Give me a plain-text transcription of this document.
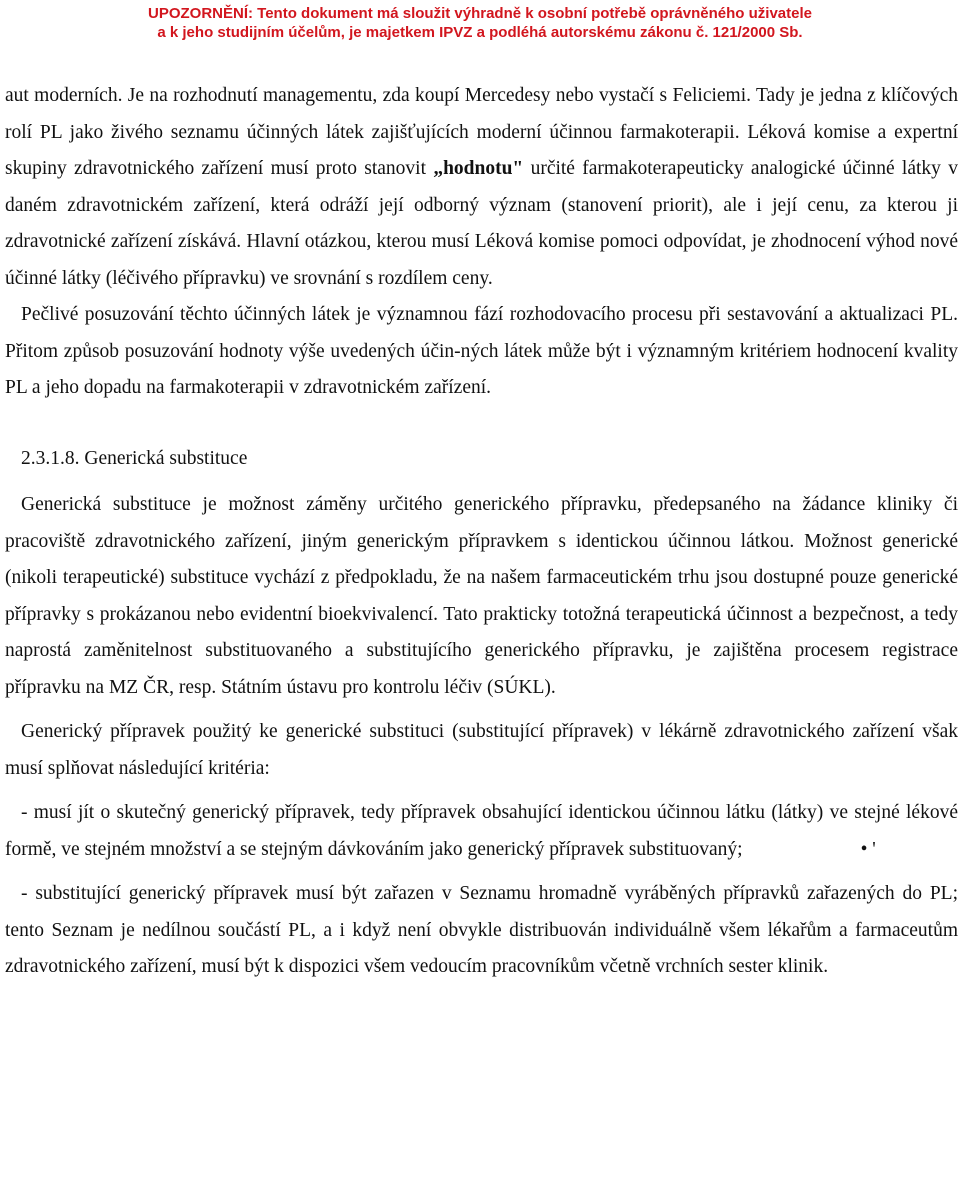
UPOZORNĚNÍ: Tento dokument má sloužit výhradně k osobní potřebě oprávněného uživatele
a k jeho studijním účelům, je majetkem IPVZ a podléhá autorskému zákonu č. 121/2000 Sb.

aut moderních. Je na rozhodnutí managementu, zda koupí Mercedesy nebo vystačí s Feliciemi. Tady je jedna z klíčových rolí PL jako živého seznamu účinných látek zajišťujících moderní účinnou farmakoterapii. Léková komise a expertní skupiny zdravotnického zařízení musí proto stanovit „hodnotu" určité farmakoterapeuticky analogické účinné látky v daném zdravotnickém zařízení, která odráží její odborný význam (stanovení priorit), ale i její cenu, za kterou ji zdravotnické zařízení získává. Hlavní otázkou, kterou musí Léková komise pomoci odpovídat, je zhodnocení výhod nové účinné látky (léčivého přípravku) ve srovnání s rozdílem ceny.

Pečlivé posuzování těchto účinných látek je významnou fází rozhodovacího procesu při sestavování a aktualizaci PL. Přitom způsob posuzování hodnoty výše uvedených účin-ných látek může být i významným kritériem hodnocení kvality PL a jeho dopadu na farmakoterapii v zdravotnickém zařízení.

2.3.1.8. Generická substituce

Generická substituce je možnost záměny určitého generického přípravku, předepsaného na žádance kliniky či pracoviště zdravotnického zařízení, jiným generickým přípravkem s identickou účinnou látkou. Možnost generické (nikoli terapeutické) substituce vychází z předpokladu, že na našem farmaceutickém trhu jsou dostupné pouze generické přípravky s prokázanou nebo evidentní bioekvivalencí. Tato prakticky totožná terapeutická účinnost a bezpečnost, a tedy naprostá zaměnitelnost substituovaného a substitujícího generického přípravku, je zajištěna procesem registrace přípravku na MZ ČR, resp. Státním ústavu pro kontrolu léčiv (SÚKL).

Generický přípravek použitý ke generické substituci (substitující přípravek) v lékárně zdravotnického zařízení však musí splňovat následující kritéria:

- musí jít o skutečný generický přípravek, tedy přípravek obsahující identickou účinnou látku (látky) ve stejné lékové formě, ve stejném množství a se stejným dávkováním jako generický přípravek substituovaný;	• '

- substitující generický přípravek musí být zařazen v Seznamu hromadně vyráběných přípravků zařazených do PL; tento Seznam je nedílnou součástí PL, a i když není obvykle distribuován individuálně všem lékařům a farmaceutům zdravotnického zařízení, musí být k dispozici všem vedoucím pracovníkům včetně vrchních sester klinik.
